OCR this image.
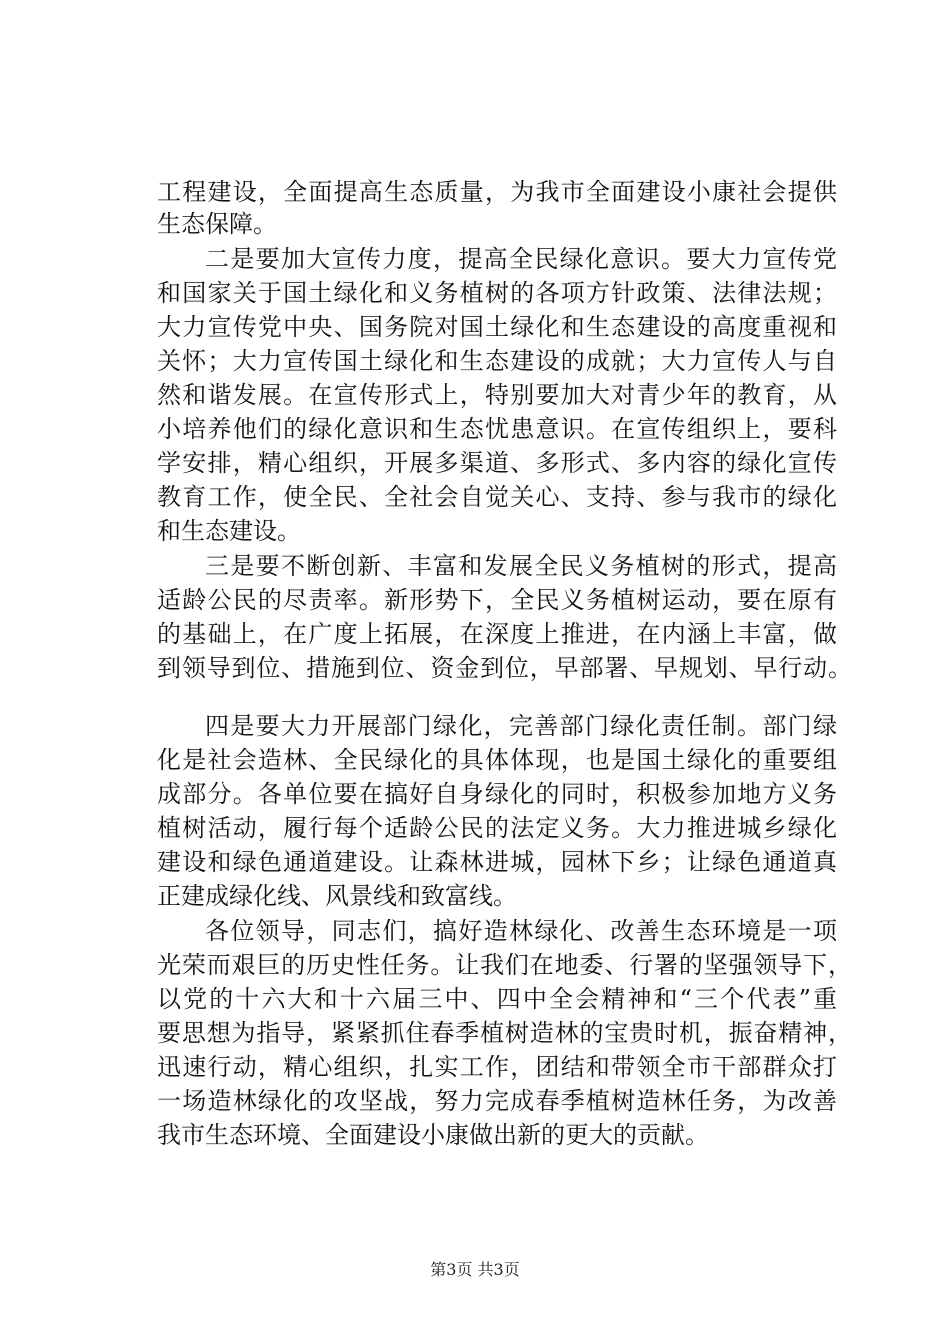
工程建设，全面提高生态质量，为我市全面建设小康社会提供
生态保障。
二是要加大宣传力度，提高全民绿化意识。要大力宣传党
和国家关于国土绿化和义务植树的各项方针政策、法律法规；
大力宣传党中央、国务院对国土绿化和生态建设的高度重视和
关怀；大力宣传国土绿化和生态建设的成就；大力宣传人与自
然和谐发展。在宣传形式上，特别要加大对青少年的教育，从
小培养他们的绿化意识和生态忧患意识。在宣传组织上，要科
学安排，精心组织，开展多渠道、多形式、多内容的绿化宣传
教育工作，使全民、全社会自觉关心、支持、参与我市的绿化
和生态建设。
三是要不断创新、丰富和发展全民义务植树的形式，提高
适龄公民的尽责率。新形势下，全民义务植树运动，要在原有
的基础上，在广度上拓展，在深度上推进，在内涵上丰富，做
到领导到位、措施到位、资金到位，早部署、早规划、早行动。
四是要大力开展部门绿化，完善部门绿化责任制。部门绿
化是社会造林、全民绿化的具体体现，也是国土绿化的重要组
成部分。各单位要在搞好自身绿化的同时，积极参加地方义务
植树活动，履行每个适龄公民的法定义务。大力推进城乡绿化
建设和绿色通道建设。让森林进城，园林下乡；让绿色通道真
正建成绿化线、风景线和致富线。
各位领导，同志们，搞好造林绿化、改善生态环境是一项
光荣而艰巨的历史性任务。让我们在地委、行署的坚强领导下，
以党的十六大和十六届三中、四中全会精神和“三个代表”重
要思想为指导，紧紧抓住春季植树造林的宝贵时机，振奋精神，
迅速行动，精心组织，扎实工作，团结和带领全市干部群众打
一场造林绿化的攻坚战，努力完成春季植树造林任务，为改善
我市生态环境、全面建设小康做出新的更大的贡献。
第3页 共3页
